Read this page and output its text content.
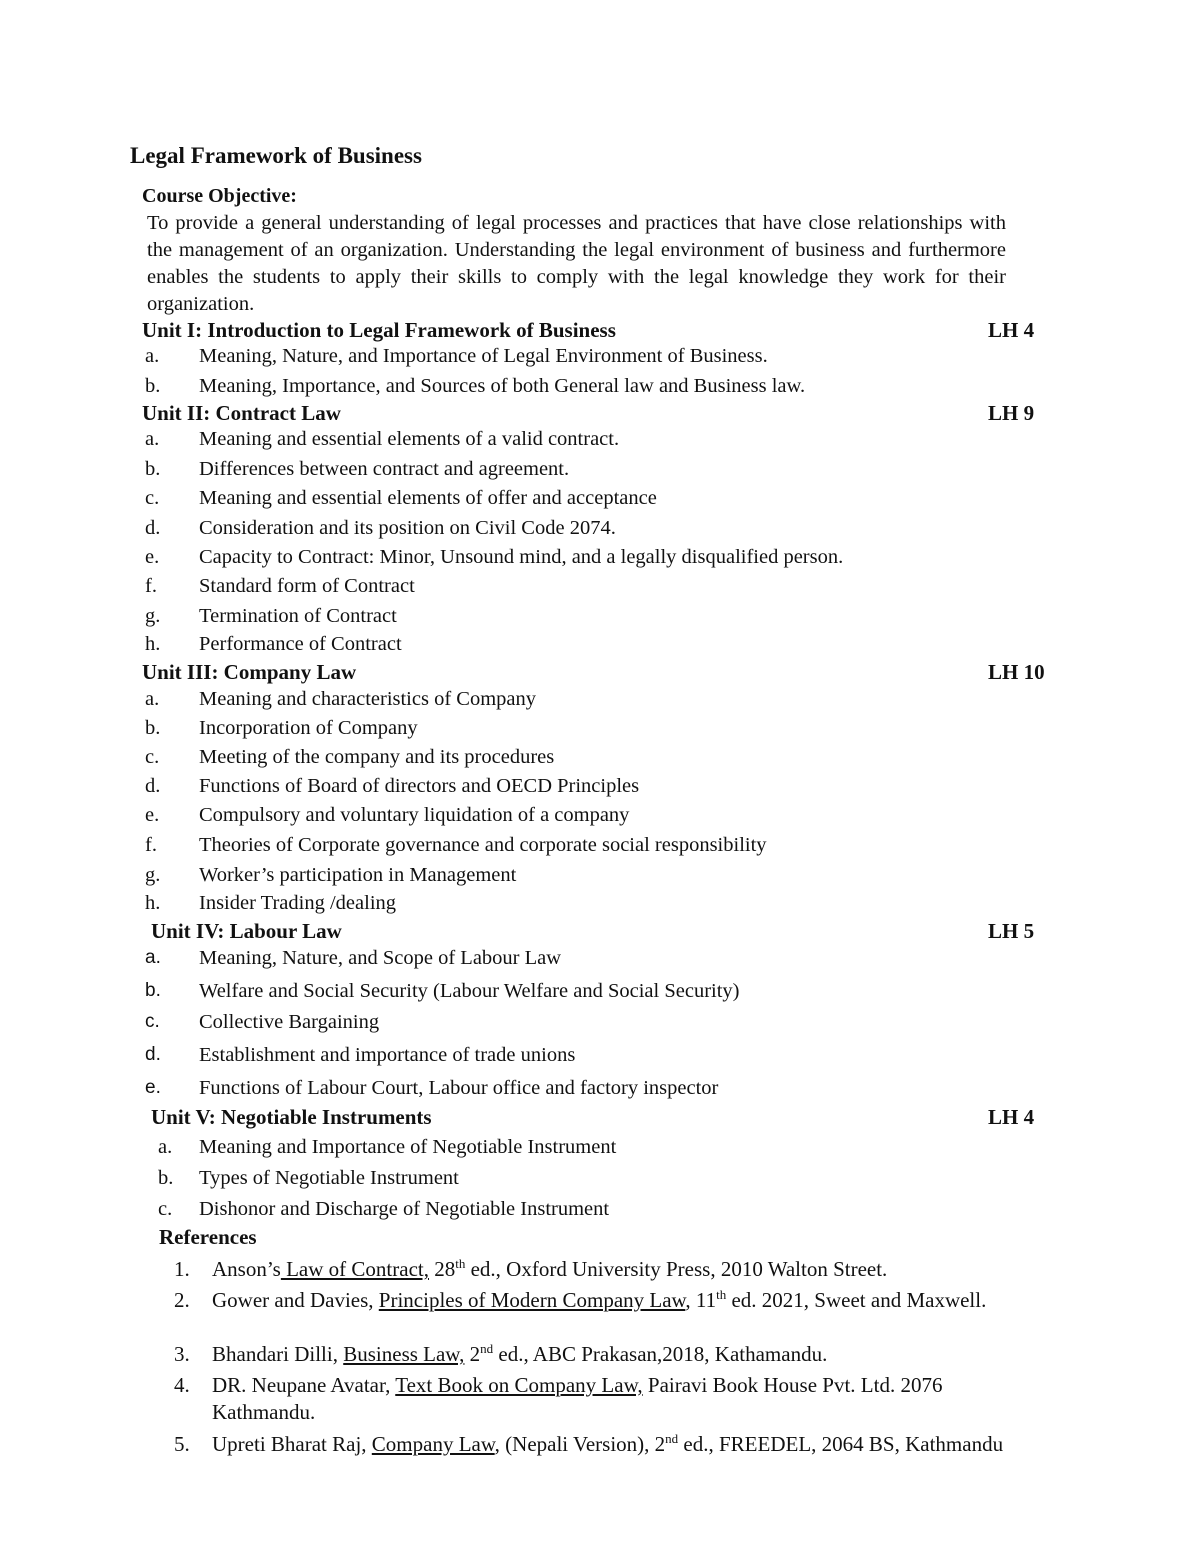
Legal Framework of Business
Course Objective:
To provide a general understanding of legal processes and practices that have close relationships with the management of an organization. Understanding the legal environment of business and furthermore enables the students to apply their skills to comply with the legal knowledge they work for their organization.
Unit I: Introduction to Legal Framework of Business	LH 4
a. Meaning, Nature, and Importance of Legal Environment of Business.
b. Meaning, Importance, and Sources of both General law and Business law.
Unit II: Contract Law	LH 9
a. Meaning and essential elements of a valid contract.
b. Differences between contract and agreement.
c. Meaning and essential elements of offer and acceptance
d. Consideration and its position on Civil Code 2074.
e. Capacity to Contract: Minor, Unsound mind, and a legally disqualified person.
f. Standard form of Contract
g. Termination of Contract
h. Performance of Contract
Unit III: Company Law	LH 10
a. Meaning and characteristics of Company
b. Incorporation of Company
c. Meeting of the company and its procedures
d. Functions of Board of directors and OECD Principles
e. Compulsory and voluntary liquidation of a company
f. Theories of Corporate governance and corporate social responsibility
g. Worker’s participation in Management
h. Insider Trading /dealing
Unit IV: Labour Law	LH 5
a. Meaning, Nature, and Scope of Labour Law
b. Welfare and Social Security (Labour Welfare and Social Security)
c. Collective Bargaining
d. Establishment and importance of trade unions
e. Functions of Labour Court, Labour office and factory inspector
Unit V: Negotiable Instruments	LH 4
a. Meaning and Importance of Negotiable Instrument
b. Types of Negotiable Instrument
c. Dishonor and Discharge of Negotiable Instrument
References
1. Anson’s Law of Contract, 28th ed., Oxford University Press, 2010 Walton Street.
2. Gower and Davies, Principles of Modern Company Law, 11th ed. 2021, Sweet and Maxwell.
3. Bhandari Dilli, Business Law, 2nd ed., ABC Prakasan,2018, Kathamandu.
4. DR. Neupane Avatar, Text Book on Company Law, Pairavi Book House Pvt. Ltd. 2076 Kathmandu.
5. Upreti Bharat Raj, Company Law, (Nepali Version), 2nd ed., FREEDEL, 2064 BS, Kathmandu
